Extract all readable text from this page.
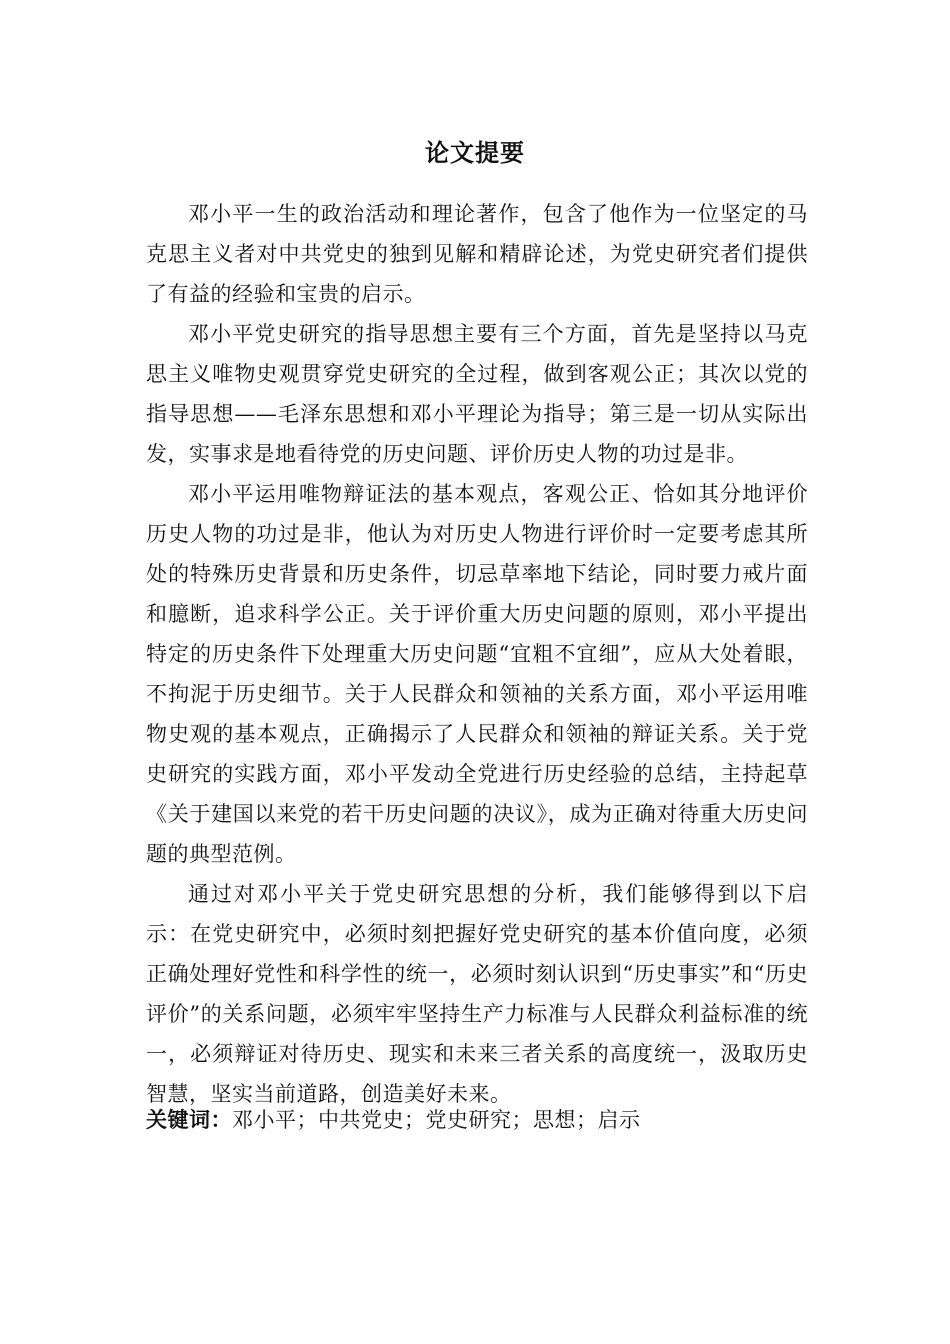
论文提要

邓小平一生的政治活动和理论著作，包含了他作为一位坚定的马克思主义者对中共党史的独到见解和精辟论述，为党史研究者们提供了有益的经验和宝贵的启示。

邓小平党史研究的指导思想主要有三个方面，首先是坚持以马克思主义唯物史观贯穿党史研究的全过程，做到客观公正；其次以党的指导思想——毛泽东思想和邓小平理论为指导；第三是一切从实际出发，实事求是地看待党的历史问题、评价历史人物的功过是非。

邓小平运用唯物辩证法的基本观点，客观公正、恰如其分地评价历史人物的功过是非，他认为对历史人物进行评价时一定要考虑其所处的特殊历史背景和历史条件，切忌草率地下结论，同时要力戒片面和臆断，追求科学公正。关于评价重大历史问题的原则，邓小平提出特定的历史条件下处理重大历史问题“宜粗不宜细”，应从大处着眼，不拘泥于历史细节。关于人民群众和领袖的关系方面，邓小平运用唯物史观的基本观点，正确揭示了人民群众和领袖的辩证关系。关于党史研究的实践方面，邓小平发动全党进行历史经验的总结，主持起草《关于建国以来党的若干历史问题的决议》，成为正确对待重大历史问题的典型范例。

通过对邓小平关于党史研究思想的分析，我们能够得到以下启示：在党史研究中，必须时刻把握好党史研究的基本价值向度，必须正确处理好党性和科学性的统一，必须时刻认识到“历史事实”和“历史评价”的关系问题，必须牢牢坚持生产力标准与人民群众利益标准的统一，必须辩证对待历史、现实和未来三者关系的高度统一，汲取历史智慧，坚实当前道路，创造美好未来。

关键词：邓小平；中共党史；党史研究；思想；启示
